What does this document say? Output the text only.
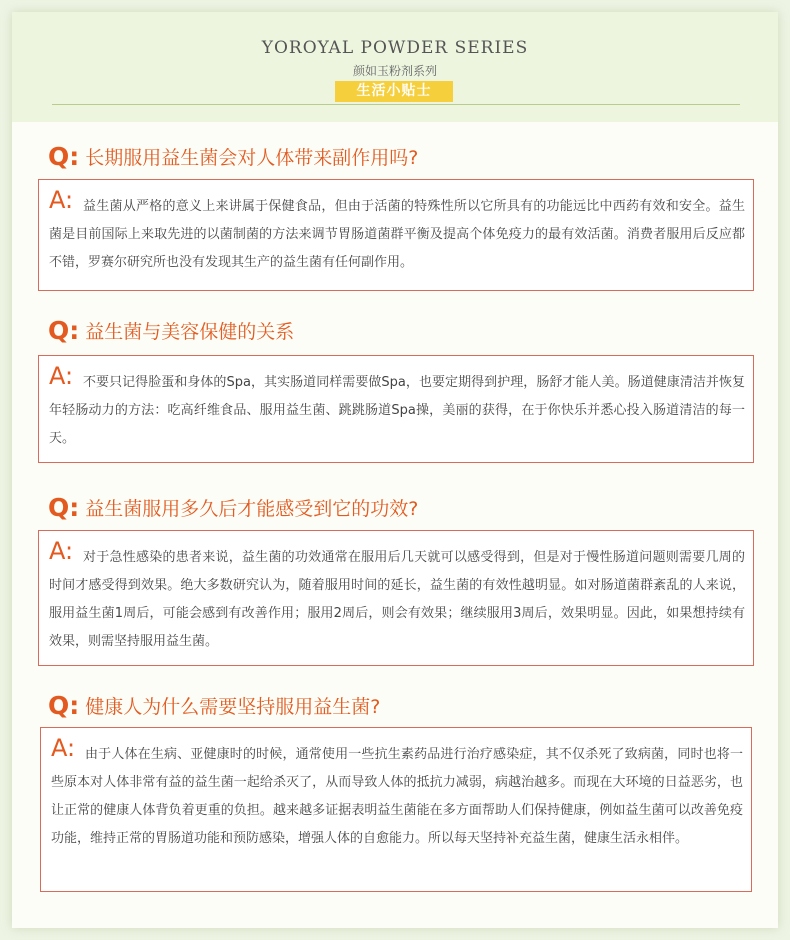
YOROYAL POWDER SERIES
颜如玉粉剂系列
生活小贴士
Q: 长期服用益生菌会对人体带来副作用吗?
A: 益生菌从严格的意义上来讲属于保健食品，但由于活菌的特殊性所以它所具有的功能远比中西药有效和安全。益生菌是目前国际上来取先进的以菌制菌的方法来调节胃肠道菌群平衡及提高个体免疫力的最有效活菌。消费者服用后反应都不错，罗赛尔研究所也没有发现其生产的益生菌有任何副作用。
Q: 益生菌与美容保健的关系
A: 不要只记得脸蛋和身体的Spa，其实肠道同样需要做Spa，也要定期得到护理，肠舒才能人美。肠道健康清洁并恢复年轻肠动力的方法：吃高纤维食品、服用益生菌、跳跳肠道Spa操，美丽的获得，在于你快乐并悉心投入肠道清洁的每一天。
Q: 益生菌服用多久后才能感受到它的功效?
A: 对于急性感染的患者来说，益生菌的功效通常在服用后几天就可以感受得到，但是对于慢性肠道问题则需要几周的时间才感受得到效果。绝大多数研究认为，随着服用时间的延长，益生菌的有效性越明显。如对肠道菌群紊乱的人来说，服用益生菌1周后，可能会感到有改善作用；服用2周后，则会有效果；继续服用3周后，效果明显。因此，如果想持续有效果，则需坚持服用益生菌。
Q: 健康人为什么需要坚持服用益生菌?
A: 由于人体在生病、亚健康时的时候，通常使用一些抗生素药品进行治疗感染症，其不仅杀死了致病菌，同时也将一些原本对人体非常有益的益生菌一起给杀灭了，从而导致人体的抵抗力减弱，病越治越多。而现在大环境的日益恶劣，也让正常的健康人体背负着更重的负担。越来越多证据表明益生菌能在多方面帮助人们保持健康，例如益生菌可以改善免疫功能，维持正常的胃肠道功能和预防感染，增强人体的自愈能力。所以每天坚持补充益生菌，健康生活永相伴。
